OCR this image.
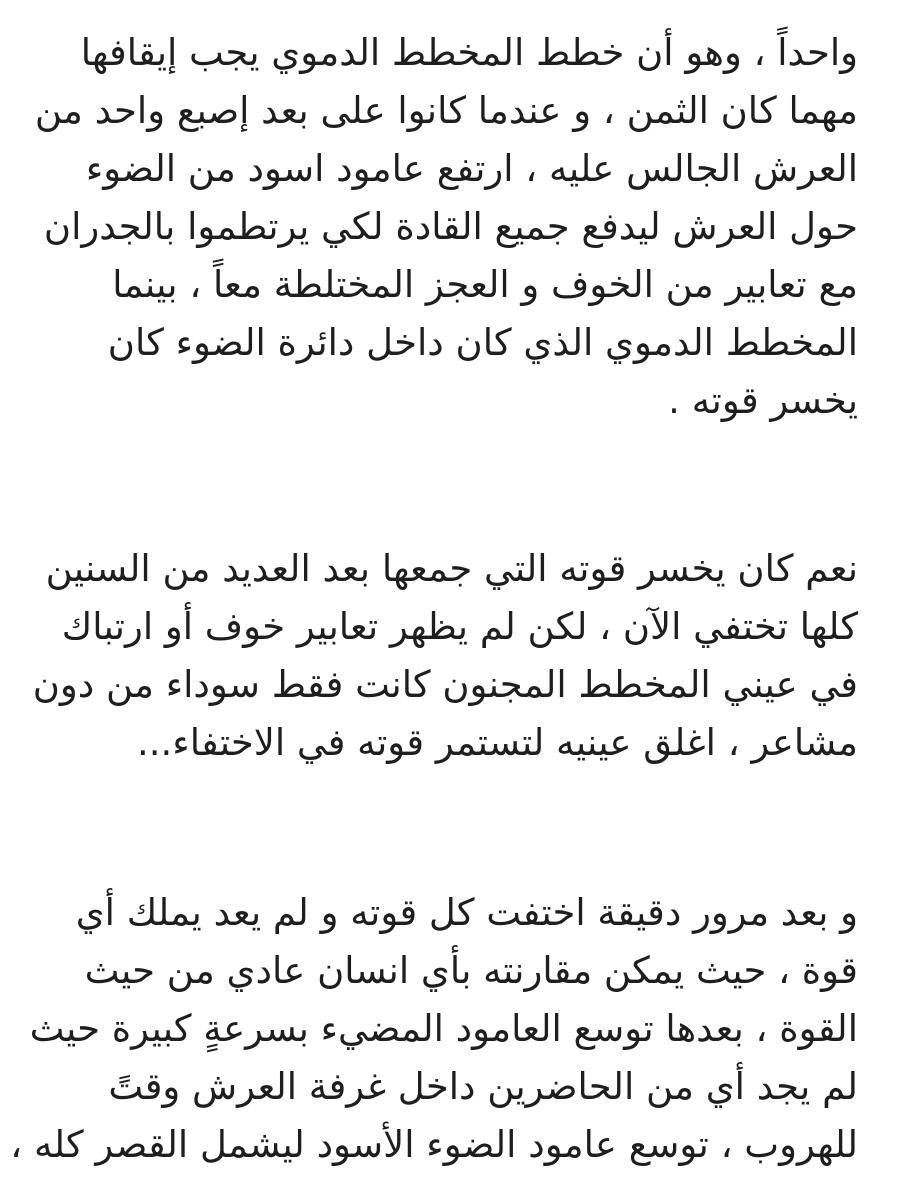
واحداً ، وهو أن خطط المخطط الدموي يجب إيقافها
مهما كان الثمن ، و عندما كانوا على بعد إصبع واحد من
العرش الجالس عليه ، ارتفع عامود اسود من الضوء
حول العرش ليدفع جميع القادة لكي يرتطموا بالجدران
مع تعابير من الخوف و العجز المختلطة معاً ، بينما
المخطط الدموي الذي كان داخل دائرة الضوء كان
يخسر قوته .
نعم كان يخسر قوته التي جمعها بعد العديد من السنين
كلها تختفي الآن ، لكن لم يظهر تعابير خوف أو ارتباك
في عيني المخطط المجنون كانت فقط سوداء من دون
مشاعر ، اغلق عينيه لتستمر قوته في الاختفاء...
و بعد مرور دقيقة اختفت كل قوته و لم يعد يملك أي
قوة ، حيث يمكن مقارنته بأي انسان عادي من حيث
القوة ، بعدها توسع العامود المضيء بسرعةٍ كبيرة حيث
لم يجد أي من الحاضرين داخل غرفة العرش وقتً
للهروب ، توسع عامود الضوء الأسود ليشمل القصر كله ،
